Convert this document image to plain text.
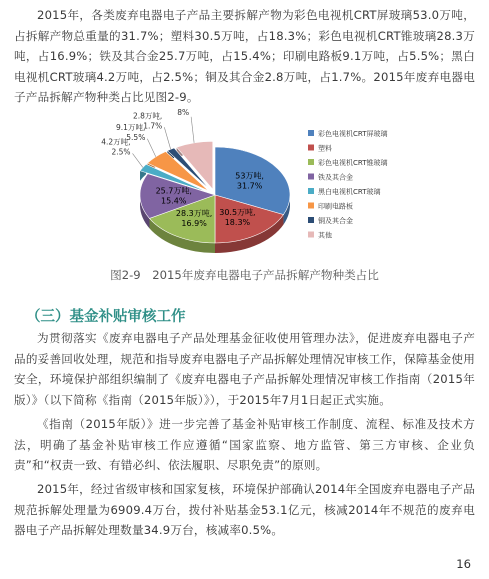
2015年，各类废弃电器电子产品主要拆解产物为彩色电视机CRT屏玻璃53.0万吨，占拆解产物总重量的31.7%；塑料30.5万吨，占18.3%；彩色电视机CRT锥玻璃28.3万吨，占16.9%；铁及其合金25.7万吨，占15.4%；印刷电路板9.1万吨，占5.5%；黑白电视机CRT玻璃4.2万吨，占2.5%；铜及其合金2.8万吨，占1.7%。2015年废弃电器电子产品拆解产物种类占比见图2-9。

53万吨,
31.7%
30.5万吨,
18.3%
28.3万吨,
16.9%
25.7万吨,
15.4%
4.2万吨,
2.5%
9.1万吨,
5.5%
2.8万吨,
1.7%
8%
彩色电视机CRT屏玻璃
塑料
彩色电视机CRT锥玻璃
铁及其合金
黑白电视机CRT玻璃
印刷电路板
铜及其合金
其他
图2-9　2015年废弃电器电子产品拆解产物种类占比
（三）基金补贴审核工作

为贯彻落实《废弃电器电子产品处理基金征收使用管理办法》，促进废弃电器电子产品的妥善回收处理，规范和指导废弃电器电子产品拆解处理情况审核工作，保障基金使用安全，环境保护部组织编制了《废弃电器电子产品拆解处理情况审核工作指南（2015年版）》（以下简称《指南（2015年版）》），于2015年7月1日起正式实施。

《指南（2015年版）》进一步完善了基金补贴审核工作制度、流程、标准及技术方法，明确了基金补贴审核工作应遵循“国家监察、地方监管、第三方审核、企业负责”和“权责一致、有错必纠、依法履职、尽职免责”的原则。

2015年，经过省级审核和国家复核，环境保护部确认2014年全国废弃电器电子产品规范拆解处理量为6909.4万台，拨付补贴基金53.1亿元，核减2014年不规范的废弃电器电子产品拆解处理数量34.9万台，核减率0.5%。

16
